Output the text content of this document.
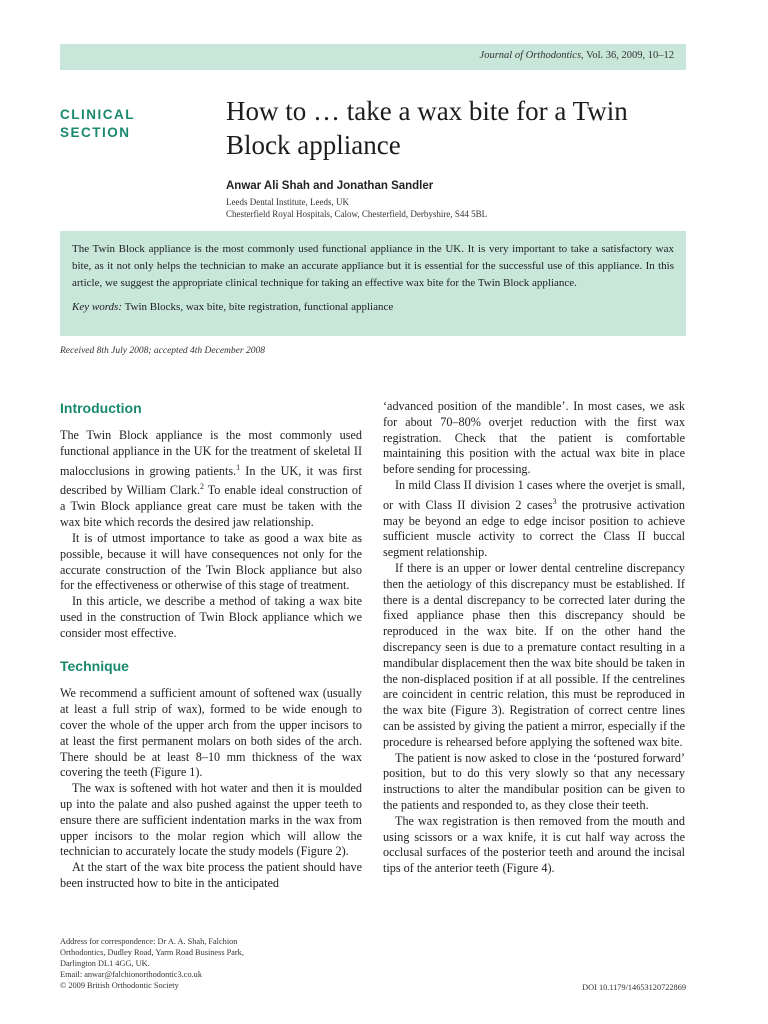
Journal of Orthodontics, Vol. 36, 2009, 10–12
CLINICAL
SECTION
How to … take a wax bite for a Twin Block appliance
Anwar Ali Shah and Jonathan Sandler
Leeds Dental Institute, Leeds, UK
Chesterfield Royal Hospitals, Calow, Chesterfield, Derbyshire, S44 5BL
The Twin Block appliance is the most commonly used functional appliance in the UK. It is very important to take a satisfactory wax bite, as it not only helps the technician to make an accurate appliance but it is essential for the successful use of this appliance. In this article, we suggest the appropriate clinical technique for taking an effective wax bite for the Twin Block appliance.
Key words: Twin Blocks, wax bite, bite registration, functional appliance
Received 8th July 2008; accepted 4th December 2008
Introduction

The Twin Block appliance is the most commonly used functional appliance in the UK for the treatment of skeletal II malocclusions in growing patients.$^1$ In the UK, it was first described by William Clark.$^2$ To enable ideal construction of a Twin Block appliance great care must be taken with the wax bite which records the desired jaw relationship.

It is of utmost importance to take as good a wax bite as possible, because it will have consequences not only for the accurate construction of the Twin Block appliance but also for the effectiveness or otherwise of this stage of treatment.

In this article, we describe a method of taking a wax bite used in the construction of Twin Block appliance which we consider most effective.

Technique

We recommend a sufficient amount of softened wax (usually at least a full strip of wax), formed to be wide enough to cover the whole of the upper arch from the upper incisors to at least the first permanent molars on both sides of the arch. There should be at least 8–10 mm thickness of the wax covering the teeth (Figure 1).

The wax is softened with hot water and then it is moulded up into the palate and also pushed against the upper teeth to ensure there are sufficient indentation marks in the wax from upper incisors to the molar region which will allow the technician to accurately locate the study models (Figure 2).

At the start of the wax bite process the patient should have been instructed how to bite in the anticipated

‘advanced position of the mandible’. In most cases, we ask for about 70–80% overjet reduction with the first wax registration. Check that the patient is comfortable maintaining this position with the actual wax bite in place before sending for processing.

In mild Class II division 1 cases where the overjet is small, or with Class II division 2 cases$^3$ the protrusive activation may be beyond an edge to edge incisor position to achieve sufficient muscle activity to correct the Class II buccal segment relationship.

If there is an upper or lower dental centreline discrepancy then the aetiology of this discrepancy must be established. If there is a dental discrepancy to be corrected later during the fixed appliance phase then this discrepancy should be reproduced in the wax bite. If on the other hand the discrepancy seen is due to a premature contact resulting in a mandibular displacement then the wax bite should be taken in the non-displaced position if at all possible. If the centrelines are coincident in centric relation, this must be reproduced in the wax bite (Figure 3). Registration of correct centre lines can be assisted by giving the patient a mirror, especially if the procedure is rehearsed before applying the softened wax bite.

The patient is now asked to close in the ‘postured forward’ position, but to do this very slowly so that any necessary instructions to alter the mandibular position can be given to the patients and responded to, as they close their teeth.

The wax registration is then removed from the mouth and using scissors or a wax knife, it is cut half way across the occlusal surfaces of the posterior teeth and around the incisal tips of the anterior teeth (Figure 4).

Address for correspondence: Dr A. A. Shah, Falchion
Orthodontics, Dudley Road, Yarm Road Business Park,
Darlington DL1 4GG, UK.
Email: anwar@falchionorthodontic3.co.uk
© 2009 British Orthodontic Society	DOI 10.1179/14653120722869
